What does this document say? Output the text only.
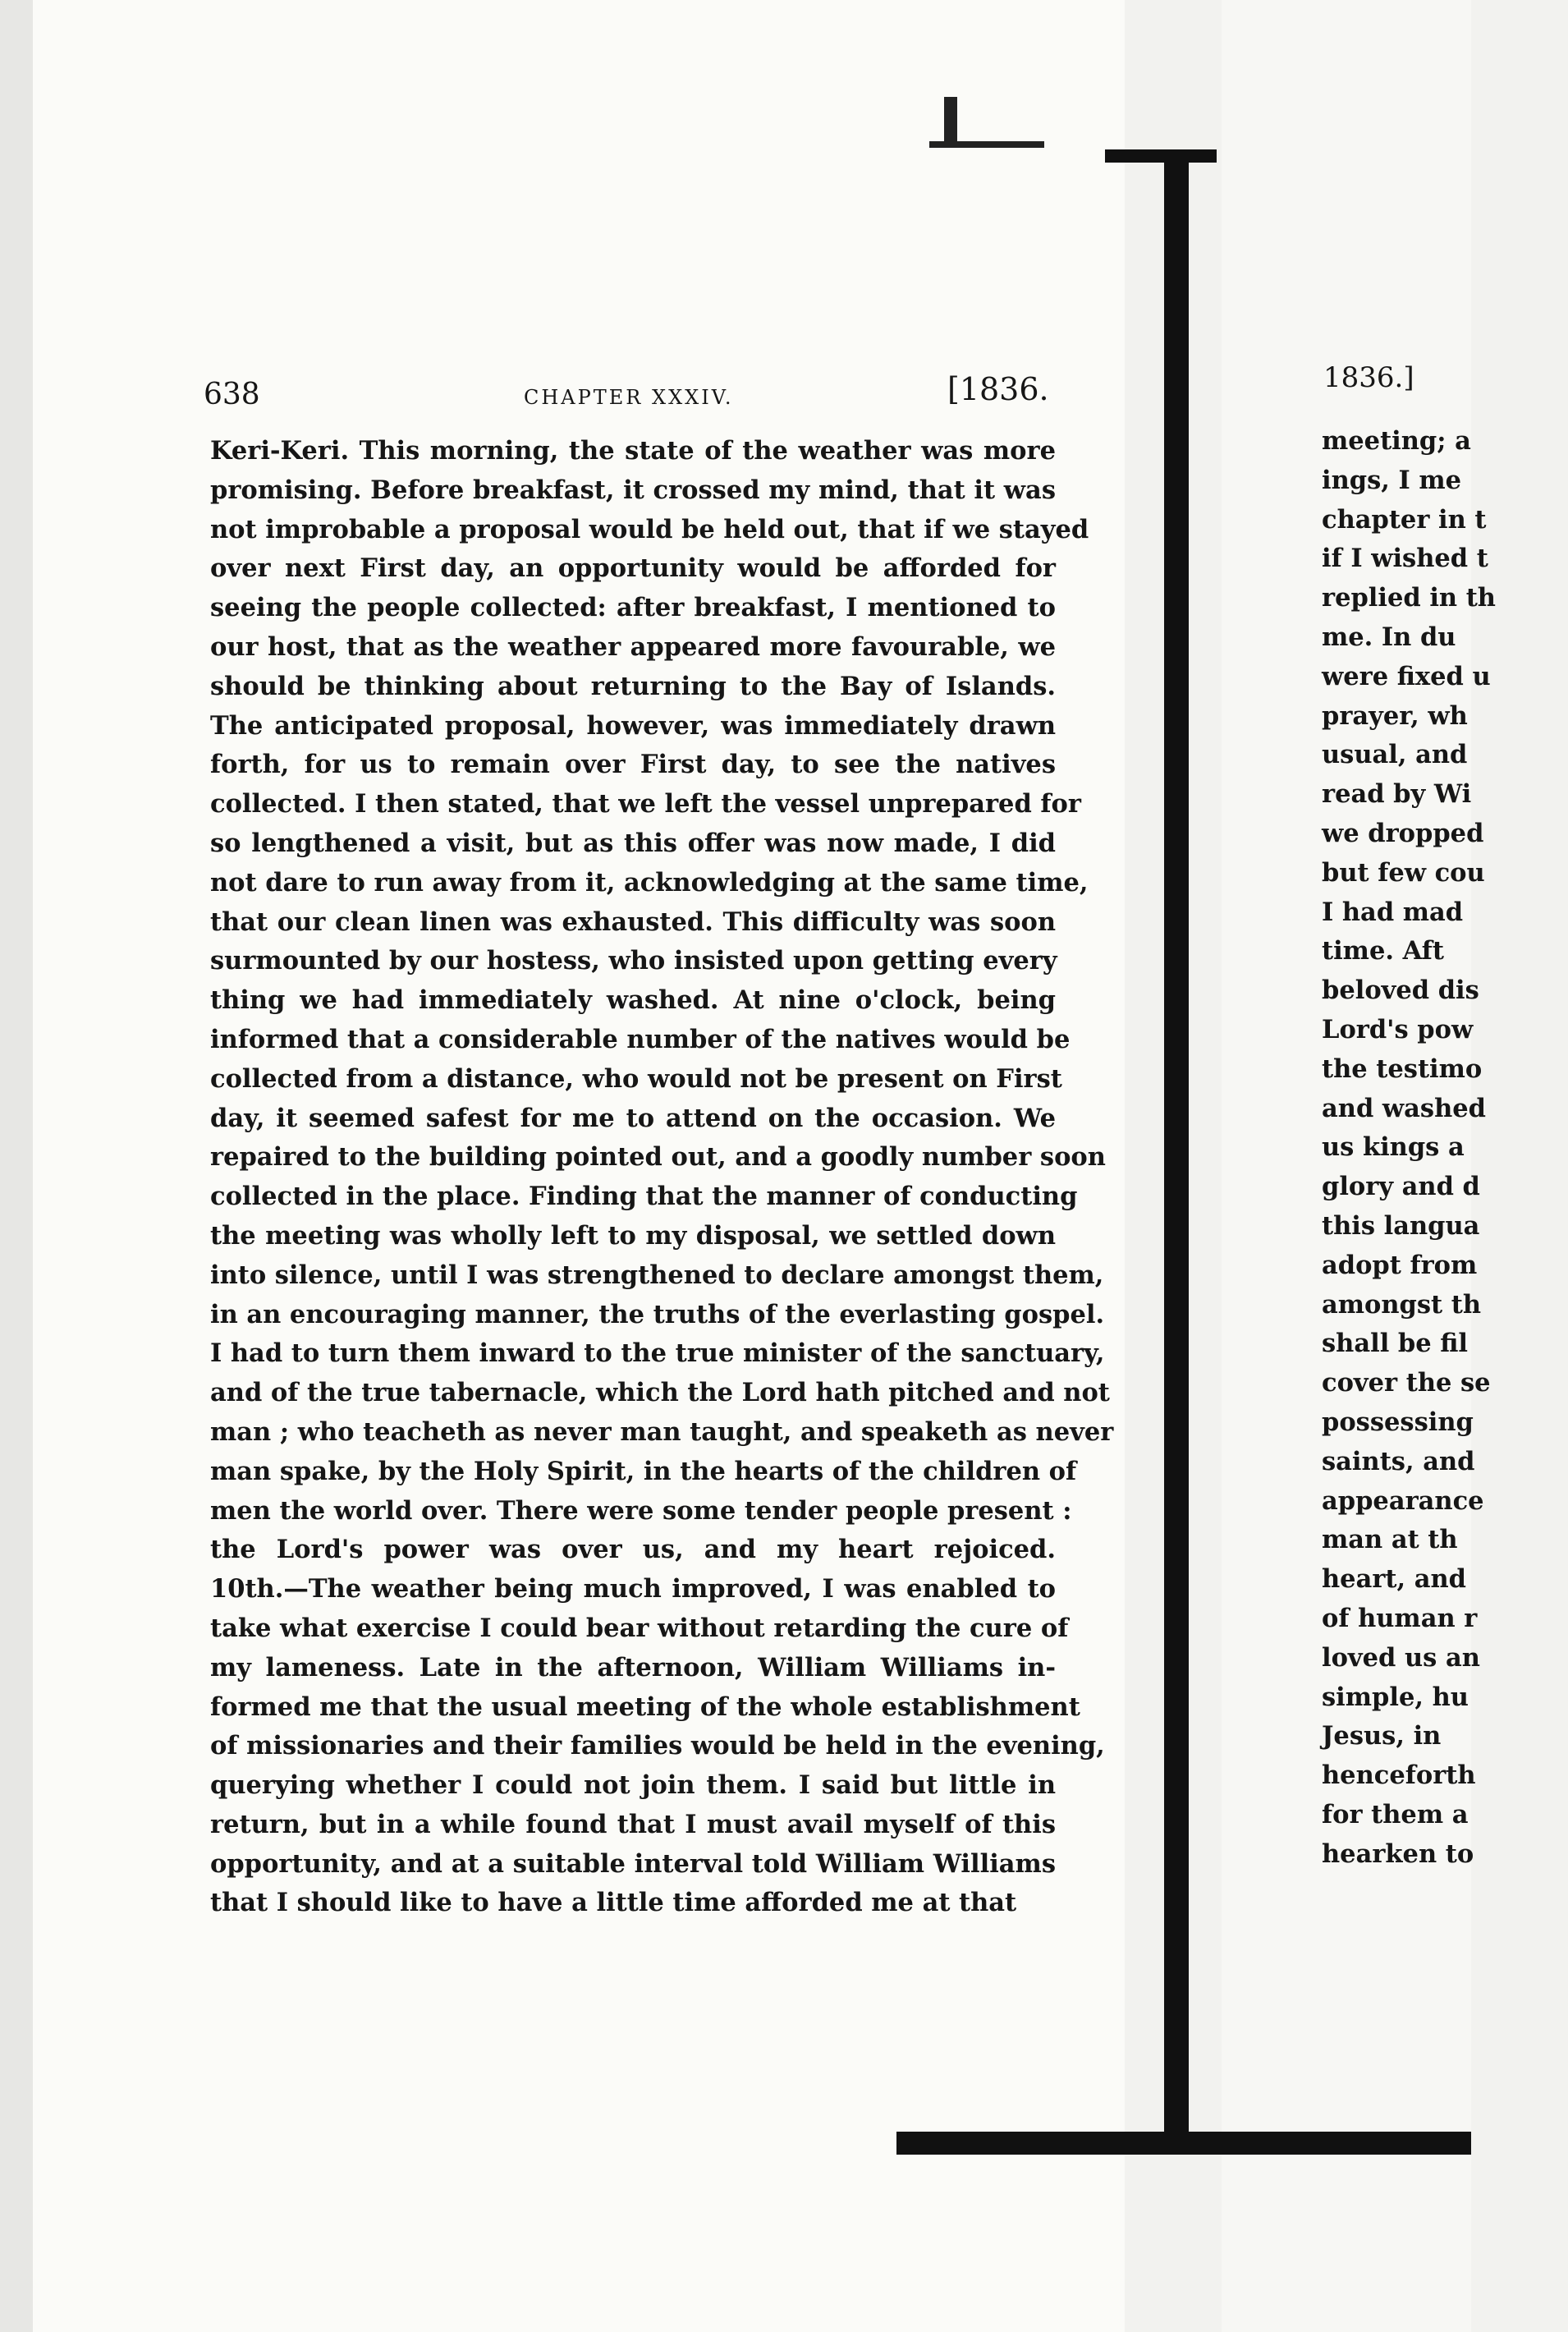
638	CHAPTER XXXIV.	[1836.
Keri-Keri. This morning, the state of the weather was more
promising. Before breakfast, it crossed my mind, that it was
not improbable a proposal would be held out, that if we stayed
over next First day, an opportunity would be afforded for
seeing the people collected: after breakfast, I mentioned to
our host, that as the weather appeared more favourable, we
should be thinking about returning to the Bay of Islands.
The anticipated proposal, however, was immediately drawn
forth, for us to remain over First day, to see the natives
collected. I then stated, that we left the vessel unprepared for
so lengthened a visit, but as this offer was now made, I did
not dare to run away from it, acknowledging at the same time,
that our clean linen was exhausted. This difficulty was soon
surmounted by our hostess, who insisted upon getting every
thing we had immediately washed. At nine o'clock, being
informed that a considerable number of the natives would be
collected from a distance, who would not be present on First
day, it seemed safest for me to attend on the occasion. We
repaired to the building pointed out, and a goodly number soon
collected in the place. Finding that the manner of conducting
the meeting was wholly left to my disposal, we settled down
into silence, until I was strengthened to declare amongst them,
in an encouraging manner, the truths of the everlasting gospel.
I had to turn them inward to the true minister of the sanctuary,
and of the true tabernacle, which the Lord hath pitched and not
man ; who teacheth as never man taught, and speaketh as never
man spake, by the Holy Spirit, in the hearts of the children of
men the world over. There were some tender people present :
the Lord's power was over us, and my heart rejoiced.
10th.—The weather being much improved, I was enabled to
take what exercise I could bear without retarding the cure of
my lameness. Late in the afternoon, William Williams in-
formed me that the usual meeting of the whole establishment
of missionaries and their families would be held in the evening,
querying whether I could not join them. I said but little in
return, but in a while found that I must avail myself of this
opportunity, and at a suitable interval told William Williams
that I should like to have a little time afforded me at that
1836.]
meeting; a
ings, I me
chapter in t
if I wished t
replied in th
me. In du
were fixed u
prayer, wh
usual, and
read by Wi
we dropped
but few cou
I had mad
time. Aft
beloved dis
Lord's pow
the testimo
and washed
us kings a
glory and d
this langua
adopt from
amongst th
shall be fil
cover the se
possessing
saints, and
appearance
man at th
heart, and
of human r
loved us an
simple, hu
Jesus, in
henceforth
for them a
hearken to
